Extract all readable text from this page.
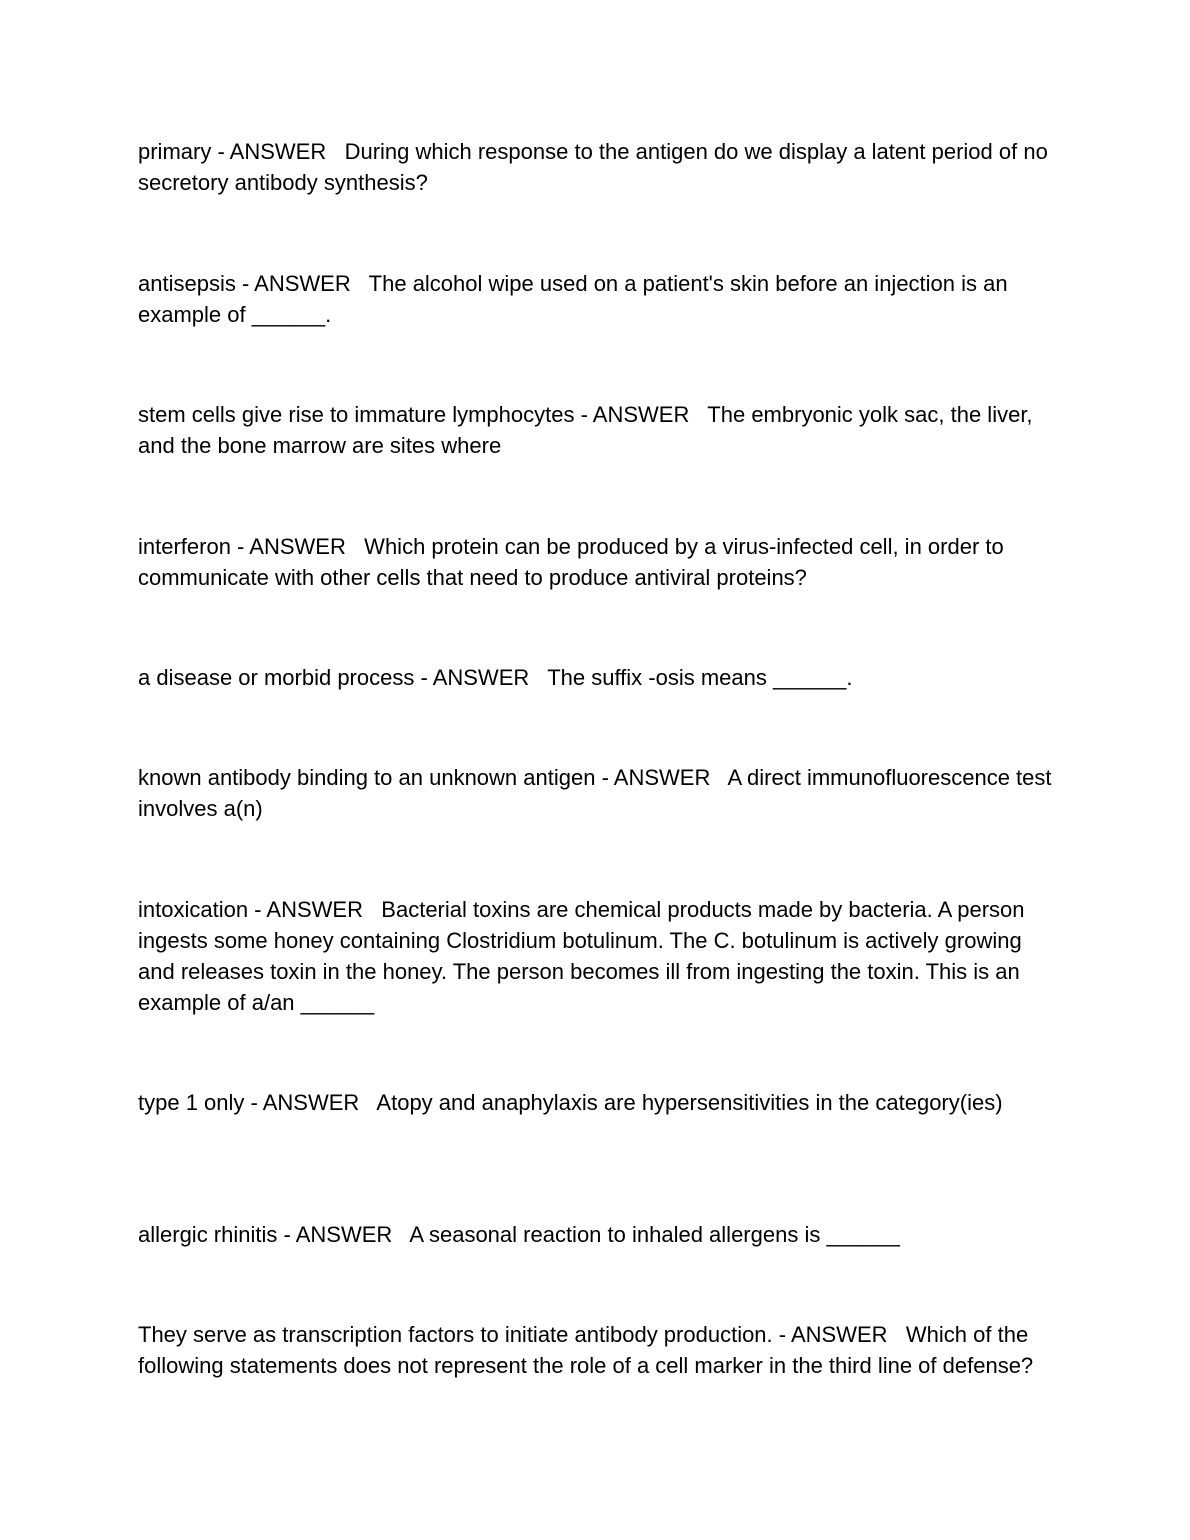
primary - ANSWER   During which response to the antigen do we display a latent period of no secretory antibody synthesis?
antisepsis - ANSWER   The alcohol wipe used on a patient's skin before an injection is an example of ______.
stem cells give rise to immature lymphocytes - ANSWER   The embryonic yolk sac, the liver, and the bone marrow are sites where
interferon - ANSWER   Which protein can be produced by a virus-infected cell, in order to communicate with other cells that need to produce antiviral proteins?
a disease or morbid process - ANSWER   The suffix -osis means ______.
known antibody binding to an unknown antigen - ANSWER   A direct immunofluorescence test involves a(n)
intoxication - ANSWER   Bacterial toxins are chemical products made by bacteria. A person ingests some honey containing Clostridium botulinum. The C. botulinum is actively growing and releases toxin in the honey. The person becomes ill from ingesting the toxin. This is an example of a/an ______
type 1 only - ANSWER   Atopy and anaphylaxis are hypersensitivities in the category(ies)
allergic rhinitis - ANSWER   A seasonal reaction to inhaled allergens is ______
They serve as transcription factors to initiate antibody production. - ANSWER   Which of the following statements does not represent the role of a cell marker in the third line of defense?
